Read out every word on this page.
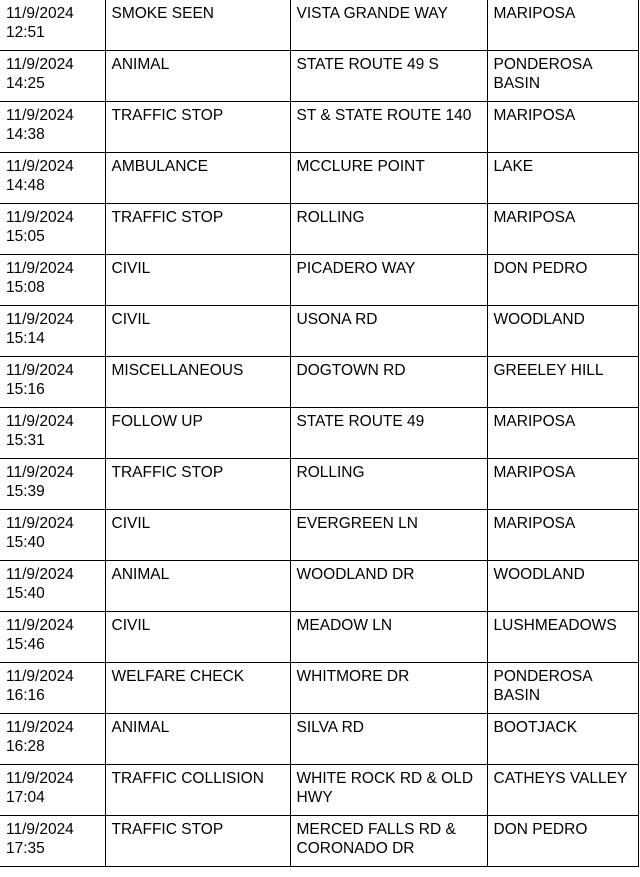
11/9/2024
12:51	SMOKE SEEN	VISTA GRANDE WAY	MARIPOSA
11/9/2024
14:25	ANIMAL	STATE ROUTE 49 S	PONDEROSA
BASIN
11/9/2024
14:38	TRAFFIC STOP	ST & STATE ROUTE 140	MARIPOSA
11/9/2024
14:48	AMBULANCE	MCCLURE POINT	LAKE
11/9/2024
15:05	TRAFFIC STOP	ROLLING	MARIPOSA
11/9/2024
15:08	CIVIL	PICADERO WAY	DON PEDRO
11/9/2024
15:14	CIVIL	USONA RD	WOODLAND
11/9/2024
15:16	MISCELLANEOUS	DOGTOWN RD	GREELEY HILL
11/9/2024
15:31	FOLLOW UP	STATE ROUTE 49	MARIPOSA
11/9/2024
15:39	TRAFFIC STOP	ROLLING	MARIPOSA
11/9/2024
15:40	CIVIL	EVERGREEN LN	MARIPOSA
11/9/2024
15:40	ANIMAL	WOODLAND DR	WOODLAND
11/9/2024
15:46	CIVIL	MEADOW LN	LUSHMEADOWS
11/9/2024
16:16	WELFARE CHECK	WHITMORE DR	PONDEROSA
BASIN
11/9/2024
16:28	ANIMAL	SILVA RD	BOOTJACK
11/9/2024
17:04	TRAFFIC COLLISION	WHITE ROCK RD & OLD
HWY	CATHEYS VALLEY
11/9/2024
17:35	TRAFFIC STOP	MERCED FALLS RD &
CORONADO DR	DON PEDRO
